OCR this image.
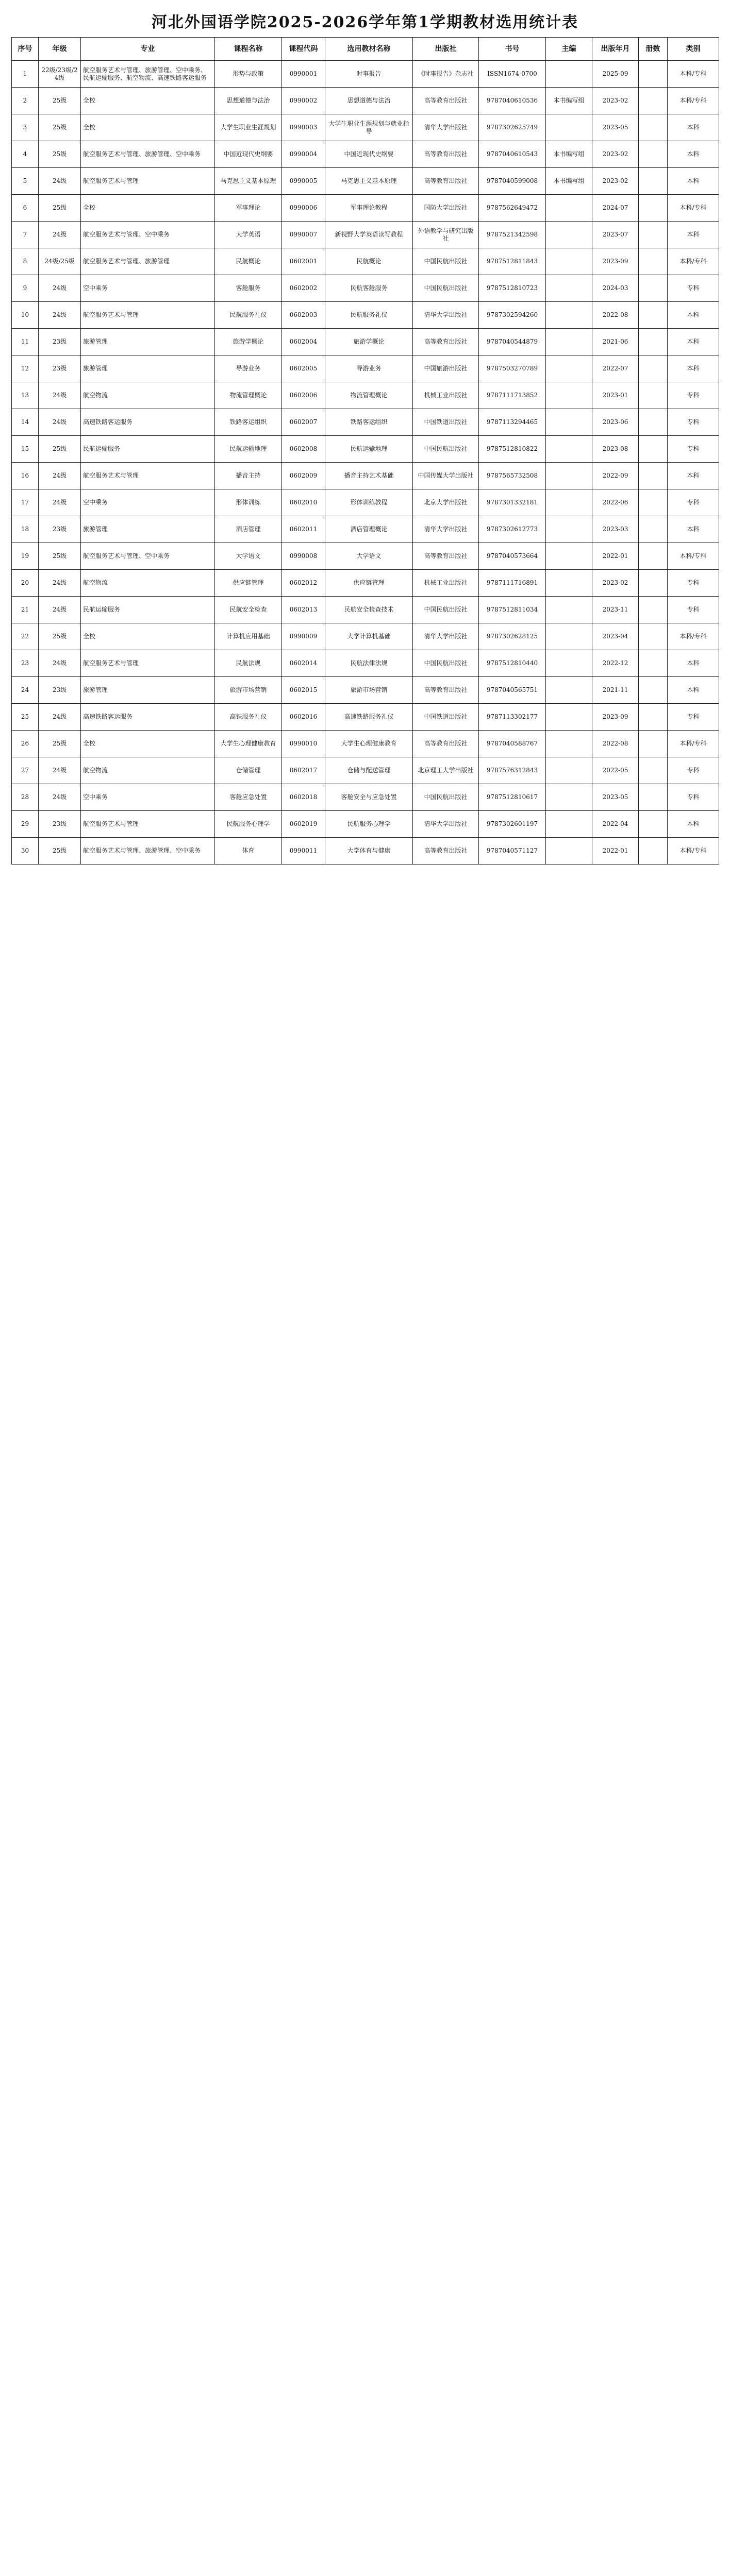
河北外国语学院2025-2026学年第1学期教材选用统计表
序号	年级	专业	课程名称	课程代码	选用教材名称	出版社	书号	主编	出版年月	册数	类别
1	22级/23级/24级	航空服务艺术与管理、旅游管理、空中乘务、民航运输服务、航空物流、高速铁路客运服务	形势与政策	0990001	时事报告	《时事报告》杂志社	ISSN1674-0700		2025-09		本科/专科
2	25级	全校	思想道德与法治	0990002	思想道德与法治	高等教育出版社	9787040610536	本书编写组	2023-02		本科/专科
3	25级	全校	大学生职业生涯规划	0990003	大学生职业生涯规划与就业指导	清华大学出版社	9787302625749		2023-05		本科
4	25级	航空服务艺术与管理、旅游管理、空中乘务	中国近现代史纲要	0990004	中国近现代史纲要	高等教育出版社	9787040610543	本书编写组	2023-02		本科
5	24级	航空服务艺术与管理	马克思主义基本原理	0990005	马克思主义基本原理	高等教育出版社	9787040599008	本书编写组	2023-02		本科
6	25级	全校	军事理论	0990006	军事理论教程	国防大学出版社	9787562649472		2024-07		本科/专科
7	24级	航空服务艺术与管理、空中乘务	大学英语	0990007	新视野大学英语读写教程	外语教学与研究出版社	9787521342598		2023-07		本科
8	24级/25级	航空服务艺术与管理、旅游管理	民航概论	0602001	民航概论	中国民航出版社	9787512811843		2023-09		本科/专科
9	24级	空中乘务	客舱服务	0602002	民航客舱服务	中国民航出版社	9787512810723		2024-03		专科
10	24级	航空服务艺术与管理	民航服务礼仪	0602003	民航服务礼仪	清华大学出版社	9787302594260		2022-08		本科
11	23级	旅游管理	旅游学概论	0602004	旅游学概论	高等教育出版社	9787040544879		2021-06		本科
12	23级	旅游管理	导游业务	0602005	导游业务	中国旅游出版社	9787503270789		2022-07		本科
13	24级	航空物流	物流管理概论	0602006	物流管理概论	机械工业出版社	9787111713852		2023-01		专科
14	24级	高速铁路客运服务	铁路客运组织	0602007	铁路客运组织	中国铁道出版社	9787113294465		2023-06		专科
15	25级	民航运输服务	民航运输地理	0602008	民航运输地理	中国民航出版社	9787512810822		2023-08		专科
16	24级	航空服务艺术与管理	播音主持	0602009	播音主持艺术基础	中国传媒大学出版社	9787565732508		2022-09		本科
17	24级	空中乘务	形体训练	0602010	形体训练教程	北京大学出版社	9787301332181		2022-06		专科
18	23级	旅游管理	酒店管理	0602011	酒店管理概论	清华大学出版社	9787302612773		2023-03		本科
19	25级	航空服务艺术与管理、空中乘务	大学语文	0990008	大学语文	高等教育出版社	9787040573664		2022-01		本科/专科
20	24级	航空物流	供应链管理	0602012	供应链管理	机械工业出版社	9787111716891		2023-02		专科
21	24级	民航运输服务	民航安全检查	0602013	民航安全检查技术	中国民航出版社	9787512811034		2023-11		专科
22	25级	全校	计算机应用基础	0990009	大学计算机基础	清华大学出版社	9787302628125		2023-04		本科/专科
23	24级	航空服务艺术与管理	民航法规	0602014	民航法律法规	中国民航出版社	9787512810440		2022-12		本科
24	23级	旅游管理	旅游市场营销	0602015	旅游市场营销	高等教育出版社	9787040565751		2021-11		本科
25	24级	高速铁路客运服务	高铁服务礼仪	0602016	高速铁路服务礼仪	中国铁道出版社	9787113302177		2023-09		专科
26	25级	全校	大学生心理健康教育	0990010	大学生心理健康教育	高等教育出版社	9787040588767		2022-08		本科/专科
27	24级	航空物流	仓储管理	0602017	仓储与配送管理	北京理工大学出版社	9787576312843		2022-05		专科
28	24级	空中乘务	客舱应急处置	0602018	客舱安全与应急处置	中国民航出版社	9787512810617		2023-05		专科
29	23级	航空服务艺术与管理	民航服务心理学	0602019	民航服务心理学	清华大学出版社	9787302601197		2022-04		本科
30	25级	航空服务艺术与管理、旅游管理、空中乘务	体育	0990011	大学体育与健康	高等教育出版社	9787040571127		2022-01		本科/专科
